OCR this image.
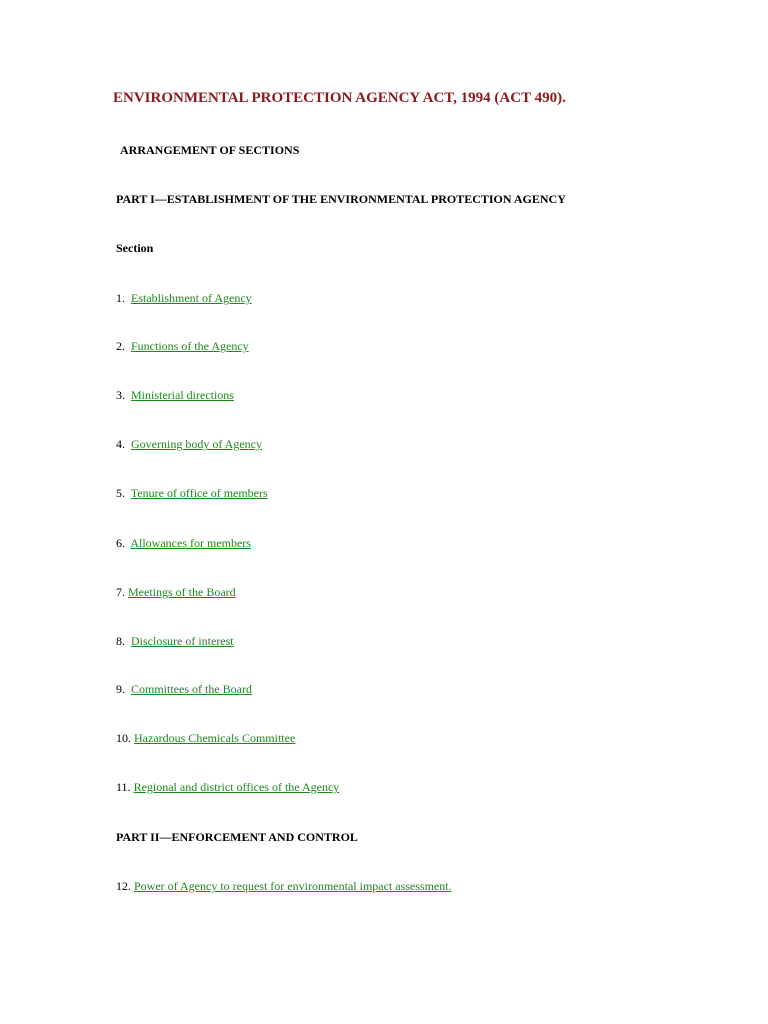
ENVIRONMENTAL PROTECTION AGENCY ACT, 1994 (ACT 490).
ARRANGEMENT OF SECTIONS
PART I—ESTABLISHMENT OF THE ENVIRONMENTAL PROTECTION AGENCY
Section
1. Establishment of Agency
2. Functions of the Agency
3. Ministerial directions
4. Governing body of Agency
5. Tenure of office of members
6. Allowances for members
7. Meetings of the Board
8. Disclosure of interest
9. Committees of the Board
10. Hazardous Chemicals Committee
11. Regional and district offices of the Agency
PART II—ENFORCEMENT AND CONTROL
12. Power of Agency to request for environmental impact assessment.
